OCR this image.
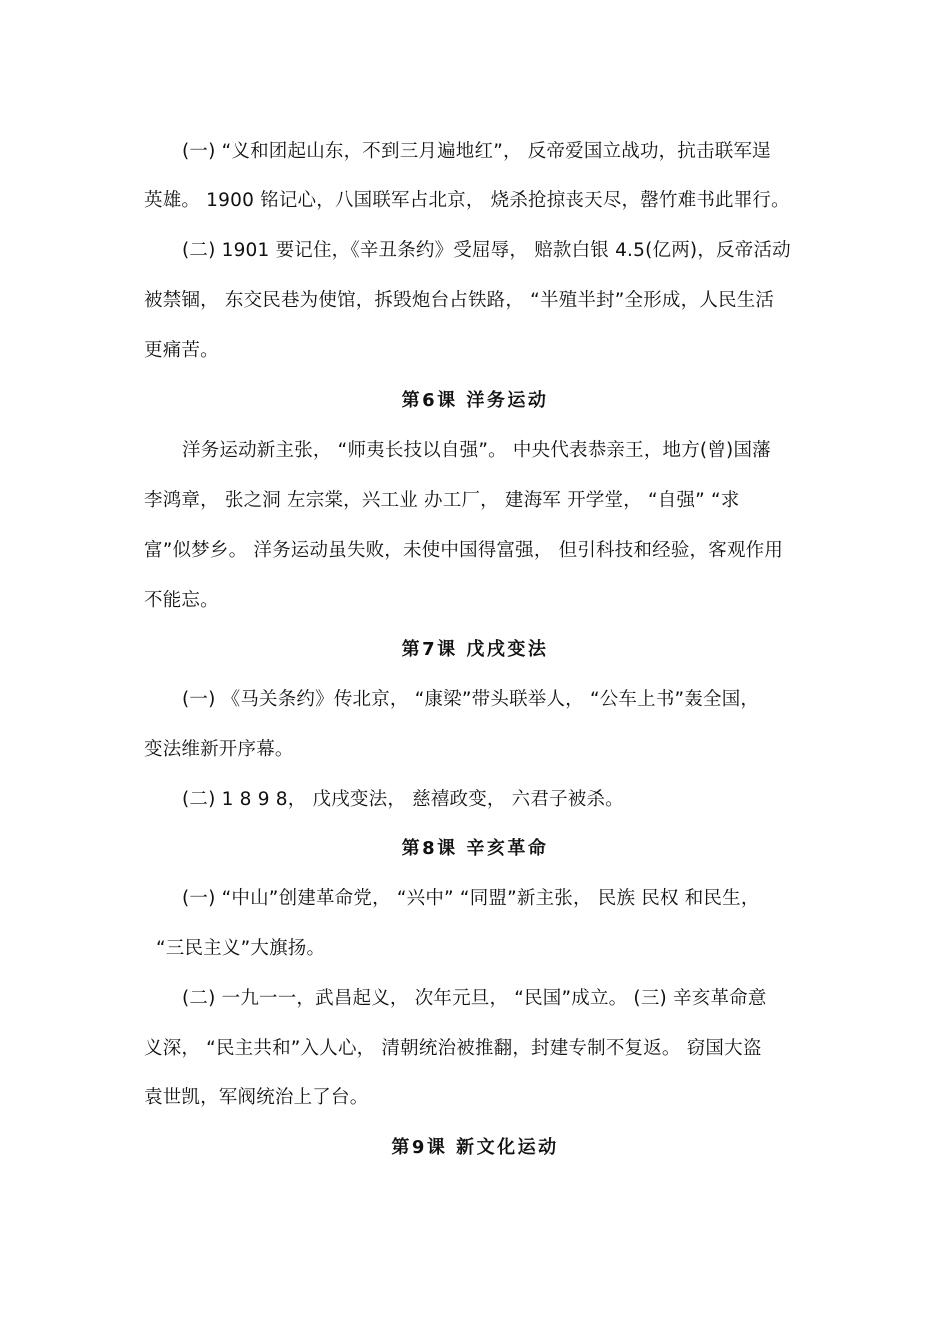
(一) “义和团起山东，不到三月遍地红”， 反帝爱国立战功，抗击联军逞
英雄。 1900 铭记心，八国联军占北京， 烧杀抢掠丧天尽，罄竹难书此罪行。
(二) 1901 要记住，《辛丑条约》受屈辱， 赔款白银 4.5(亿两)，反帝活动
被禁锢， 东交民巷为使馆，拆毁炮台占铁路， “半殖半封”全形成，人民生活
更痛苦。
第6课 洋务运动
洋务运动新主张， “师夷长技以自强”。 中央代表恭亲王，地方(曾)国藩
李鸿章， 张之洞 左宗棠，兴工业 办工厂， 建海军 开学堂， “自强” “求
富”似梦乡。 洋务运动虽失败，未使中国得富强， 但引科技和经验，客观作用
不能忘。
第7课 戊戌变法
(一) 《马关条约》传北京， “康梁”带头联举人， “公车上书”轰全国，
变法维新开序幕。
(二) 1 8 9 8， 戊戌变法， 慈禧政变， 六君子被杀。
第8课 辛亥革命
(一) “中山”创建革命党， “兴中” “同盟”新主张， 民族 民权 和民生，
“三民主义”大旗扬。
(二) 一九一一，武昌起义， 次年元旦， “民国”成立。 (三) 辛亥革命意
义深， “民主共和”入人心， 清朝统治被推翻，封建专制不复返。 窃国大盗
袁世凯，军阀统治上了台。
第9课 新文化运动
